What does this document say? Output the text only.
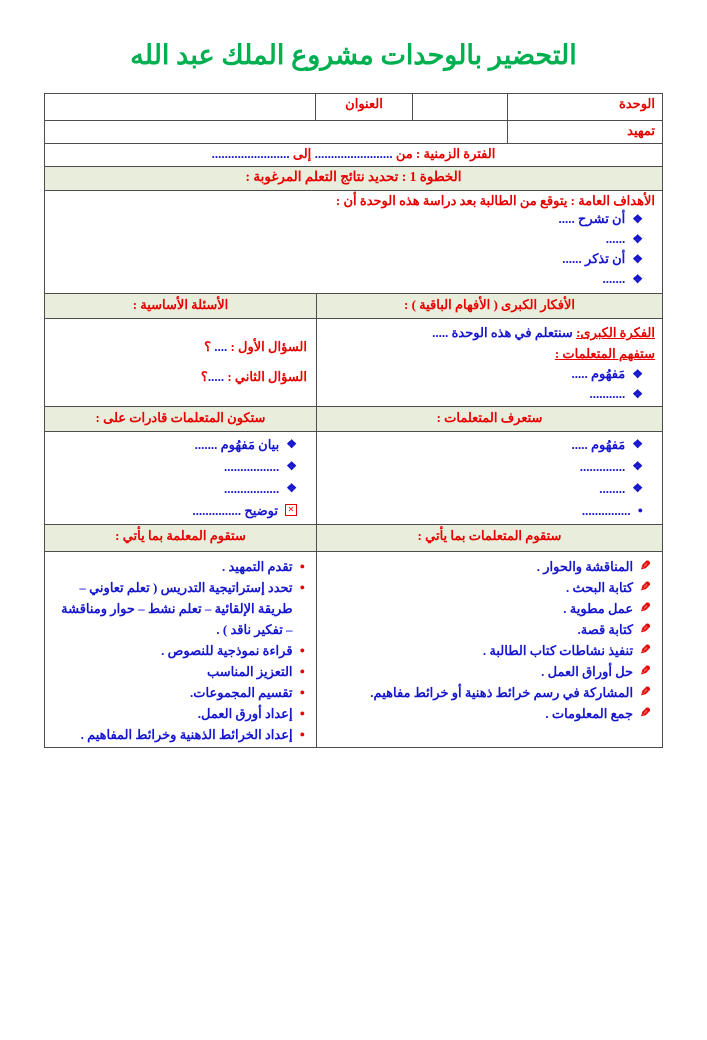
التحضير بالوحدات مشروع الملك عبد الله
الوحدة
العنوان
تمهيد
الفترة الزمنية : من ........................ إلى ........................
الخطوة 1 : تحديد نتائج التعلم المرغوبة :
الأهداف العامة : يتوقع من الطالبة بعد دراسة هذه الوحدة أن :
❖
أن تشرح .....
❖
......
❖
أن تذكر ......
❖
.......
الأفكار الكبرى ( الأفهام الباقية ) :
الأسئلة الأساسية :
الفكرة الكبرى: سنتعلم في هذه الوحدة .....
ستفهم المتعلمات :
❖
مَفهُوم .....
❖
...........
السؤال الأول : .... ؟
السؤال الثاني : .....؟
ستعرف المتعلمات :
ستكون المتعلمات قادرات على :
❖
مَفهُوم .....
❖
..............
❖
........
●
...............
❖
بيان مَفهُوم .......
❖
.................
❖
.................
✕
توضيح ...............
ستقوم المتعلمات بما يأتي :
ستقوم المعلمة بما يأتي :
✎
المناقشة والحوار .
✎
كتابة البحث .
✎
عمل مطوية .
✎
كتابة قصة.
✎
تنفيذ نشاطات كتاب الطالبة .
✎
حل أوراق العمل .
✎
المشاركة في رسم خرائط ذهنية أو خرائط مفاهيم.
✎
جمع المعلومات .
●
تقدم التمهيد .
●
تحدد إستراتيجية التدريس ( تعلم تعاوني – طريقة الإلقائية – تعلم نشط – حوار ومناقشة – تفكير ناقد ) .
●
قراءة نموذجية للنصوص .
●
التعزيز المناسب
●
تقسيم المجموعات.
●
إعداد أورق العمل.
●
إعداد الخرائط الذهنية وخرائط المفاهيم .
